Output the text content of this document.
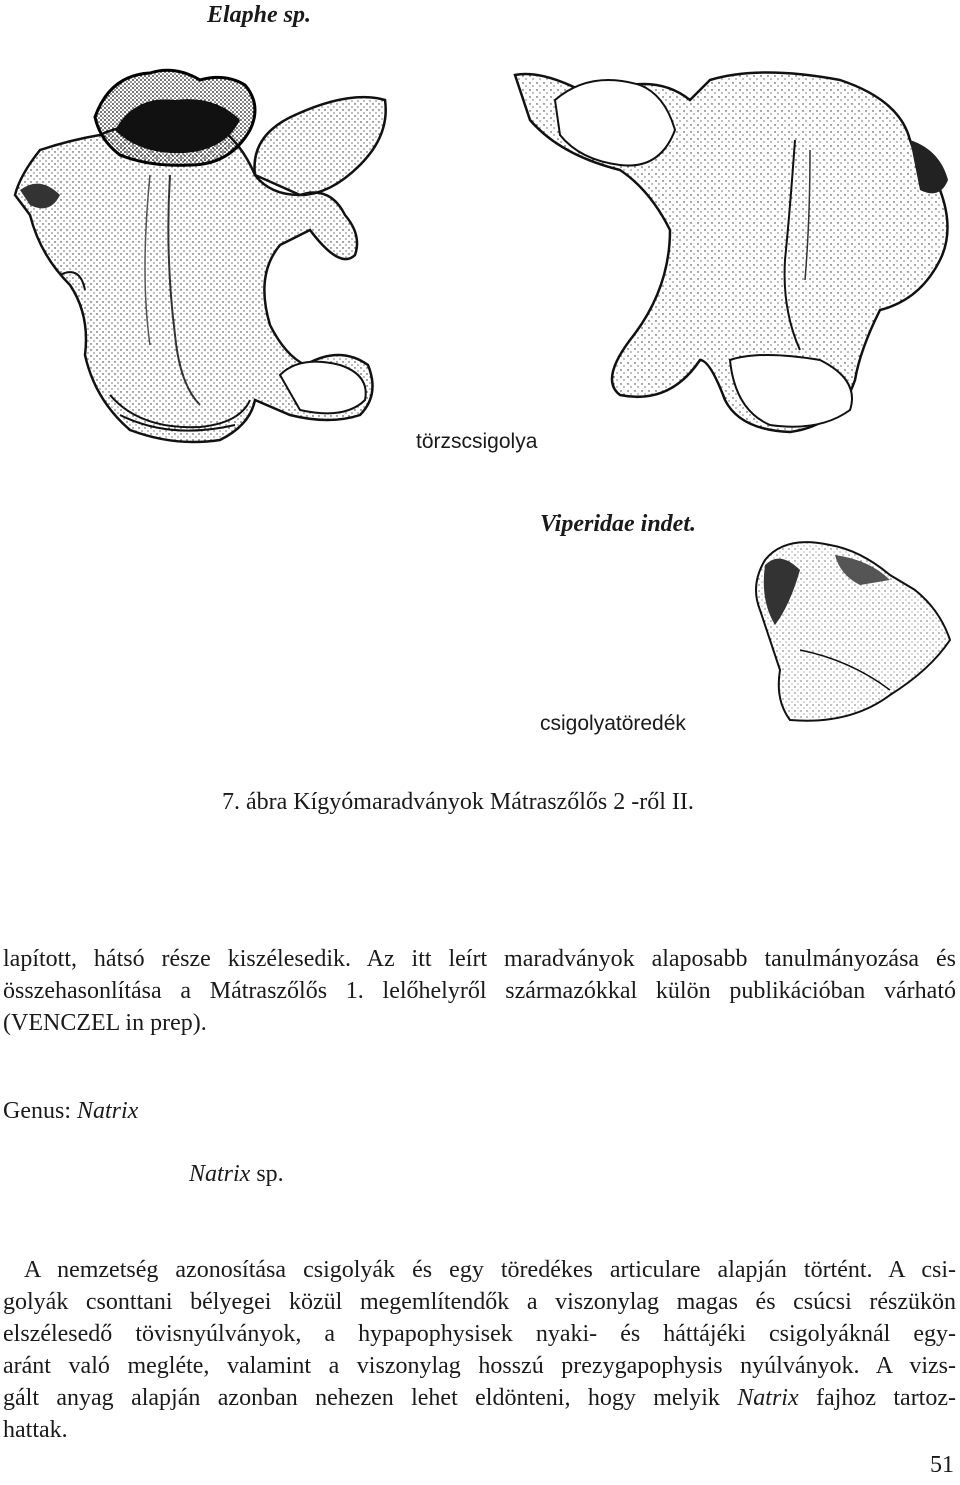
Elaphe sp.
törzscsigolya
Viperidae indet.
csigolyatöredék
7. ábra Kígyómaradványok Mátraszőlős 2 -ről II.
lapított, hátsó része kiszélesedik. Az itt leírt maradványok alaposabb tanulmányozása és
összehasonlítása a Mátraszőlős 1. lelőhelyről származókkal külön publikációban várható
(VENCZEL in prep).
Genus: Natrix
Natrix sp.
A nemzetség azonosítása csigolyák és egy töredékes articulare alapján történt. A csi-
golyák csonttani bélyegei közül megemlítendők a viszonylag magas és csúcsi részükön
elszélesedő tövisnyúlványok, a hypapophysisek nyaki- és háttájéki csigolyáknál egy-
aránt való megléte, valamint a viszonylag hosszú prezygapophysis nyúlványok. A vizs-
gált anyag alapján azonban nehezen lehet eldönteni, hogy melyik Natrix fajhoz tartoz-
hattak.
51
